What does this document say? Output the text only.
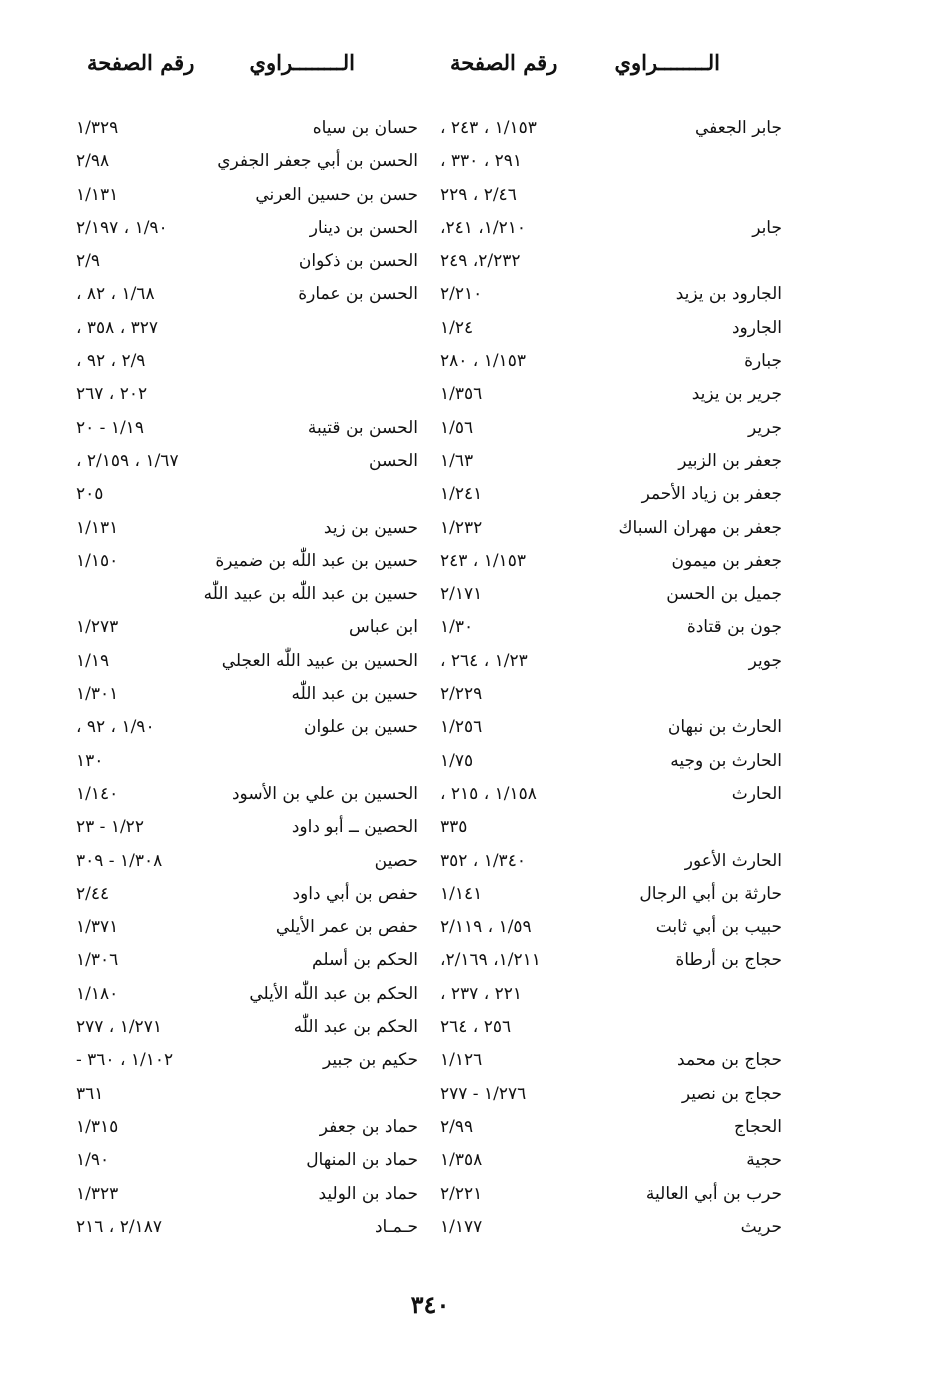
الــــــــراوي
رقم الصفحة
الــــــــراوي
رقم الصفحة
جابر الجعفي
١/١٥٣ ، ٢٤٣ ،
حسان بن سياه
١/٣٢٩
٢٩١ ، ٣٣٠ ،
الحسن بن أبي جعفر الجفري
٢/٩٨
٢/٤٦ ، ٢٢٩
حسن بن حسين العرني
١/١٣١
جابر
١/٢١٠، ٢٤١،
الحسن بن دينار
١/٩٠ ، ٢/١٩٧
٢/٢٣٢، ٢٤٩
الحسن بن ذكوان
٢/٩
الجارود بن يزيد
٢/٢١٠
الحسن بن عمارة
١/٦٨ ، ٨٢ ،
الجارود
١/٢٤
٣٢٧ ، ٣٥٨ ،
جبارة
١/١٥٣ ، ٢٨٠
٢/٩ ، ٩٢ ،
جرير بن يزيد
١/٣٥٦
٢٠٢ ، ٢٦٧
جرير
١/٥٦
الحسن بن قتيبة
١/١٩ - ٢٠
جعفر بن الزبير
١/٦٣
الحسن
١/٦٧ ، ٢/١٥٩ ،
جعفر بن زياد الأحمر
١/٢٤١
٢٠٥
جعفر بن مهران السباك
١/٢٣٢
حسين بن زيد
١/١٣١
جعفر بن ميمون
١/١٥٣ ، ٢٤٣
حسين بن عبد اللّٰه بن ضميرة
١/١٥٠
جميل بن الحسن
٢/١٧١
حسين بن عبد اللّٰه بن عبيد اللّٰه
جون بن قتادة
١/٣٠
ابن عباس
١/٢٧٣
جوير
١/٢٣ ، ٢٦٤ ،
الحسين بن عبيد اللّٰه العجلي
١/١٩
٢/٢٢٩
حسين بن عبد اللّٰه
١/٣٠١
الحارث بن نبهان
١/٢٥٦
حسين بن علوان
١/٩٠ ، ٩٢ ،
الحارث بن وجيه
١/٧٥
١٣٠
الحارث
١/١٥٨ ، ٢١٥ ،
الحسين بن علي بن الأسود
١/١٤٠
٣٣٥
الحصين ــ أبو داود
١/٢٢ - ٢٣
الحارث الأعور
١/٣٤٠ ، ٣٥٢
حصين
١/٣٠٨ - ٣٠٩
حارثة بن أبي الرجال
١/١٤١
حفص بن أبي داود
٢/٤٤
حبيب بن أبي ثابت
١/٥٩ ، ٢/١١٩
حفص بن عمر الأيلي
١/٣٧١
حجاج بن أرطاة
١/٢١١، ٢/١٦٩،
الحكم بن أسلم
١/٣٠٦
٢٢١ ، ٢٣٧ ،
الحكم بن عبد اللّٰه الأيلي
١/١٨٠
٢٥٦ ، ٢٦٤
الحكم بن عبد اللّٰه
١/٢٧١ ، ٢٧٧
حجاج بن محمد
١/١٢٦
حكيم بن جبير
١/١٠٢ ، ٣٦٠ -
حجاج بن نصير
١/٢٧٦ - ٢٧٧
٣٦١
الحجاج
٢/٩٩
حماد بن جعفر
١/٣١٥
حجية
١/٣٥٨
حماد بن المنهال
١/٩٠
حرب بن أبي العالية
٢/٢٢١
حماد بن الوليد
١/٣٢٣
حريث
١/١٧٧
حـمـاد
٢/١٨٧ ، ٢١٦
٣٤٠
